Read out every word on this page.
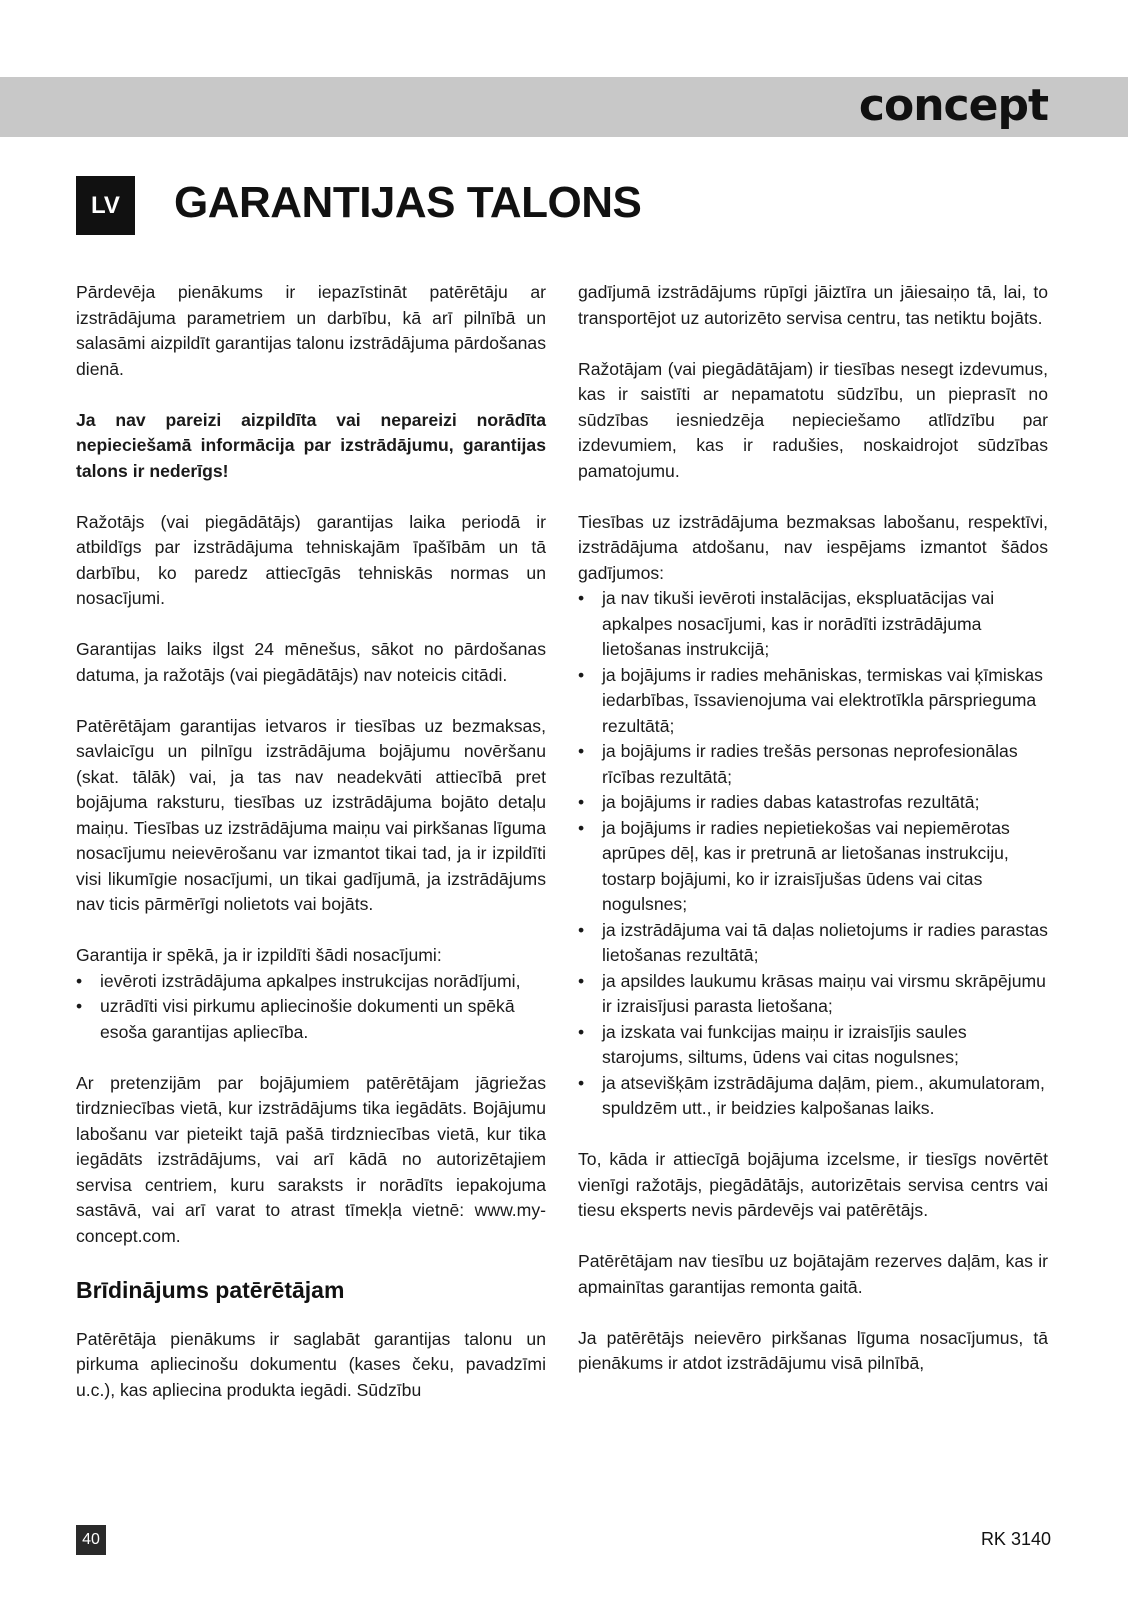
concept
LV	GARANTIJAS TALONS

Pārdevēja pienākums ir iepazīstināt patērētāju ar izstrādājuma parametriem un darbību, kā arī pilnībā un salasāmi aizpildīt garantijas talonu izstrādājuma pārdošanas dienā.

Ja nav pareizi aizpildīta vai nepareizi norādīta nepieciešamā informācija par izstrādājumu, garantijas talons ir nederīgs!

Ražotājs (vai piegādātājs) garantijas laika periodā ir atbildīgs par izstrādājuma tehniskajām īpašībām un tā darbību, ko paredz attiecīgās tehniskās normas un nosacījumi.

Garantijas laiks ilgst 24 mēnešus, sākot no pārdošanas datuma, ja ražotājs (vai piegādātājs) nav noteicis citādi.

Patērētājam garantijas ietvaros ir tiesības uz bezmaksas, savlaicīgu un pilnīgu izstrādājuma bojājumu novēršanu (skat. tālāk) vai, ja tas nav neadekvāti attiecībā pret bojājuma raksturu, tiesības uz izstrādājuma bojāto detaļu maiņu. Tiesības uz izstrādājuma maiņu vai pirkšanas līguma nosacījumu neievērošanu var izmantot tikai tad, ja ir izpildīti visi likumīgie nosacījumi, un tikai gadījumā, ja izstrādājums nav ticis pārmērīgi nolietots vai bojāts.

Garantija ir spēkā, ja ir izpildīti šādi nosacījumi:

• ievēroti izstrādājuma apkalpes instrukcijas norādījumi,
• uzrādīti visi pirkumu apliecinošie dokumenti un spēkā esoša garantijas apliecība.

Ar pretenzijām par bojājumiem patērētājam jāgriežas tirdzniecības vietā, kur izstrādājums tika iegādāts. Bojājumu labošanu var pieteikt tajā pašā tirdzniecības vietā, kur tika iegādāts izstrādājums, vai arī kādā no autorizētajiem servisa centriem, kuru saraksts ir norādīts iepakojuma sastāvā, vai arī varat to atrast tīmekļa vietnē: www.my-concept.com.

Brīdinājums patērētājam

Patērētāja pienākums ir saglabāt garantijas talonu un pirkuma apliecinošu dokumentu (kases čeku, pavadzīmi u.c.), kas apliecina produkta iegādi. Sūdzību

gadījumā izstrādājums rūpīgi jāiztīra un jāiesaiņo tā, lai, to transportējot uz autorizēto servisa centru, tas netiktu bojāts.

Ražotājam (vai piegādātājam) ir tiesības nesegt izdevumus, kas ir saistīti ar nepamatotu sūdzību, un pieprasīt no sūdzības iesniedzēja nepieciešamo atlīdzību par izdevumiem, kas ir radušies, noskaidrojot sūdzības pamatojumu.

Tiesības uz izstrādājuma bezmaksas labošanu, respektīvi, izstrādājuma atdošanu, nav iespējams izmantot šādos gadījumos:

• ja nav tikuši ievēroti instalācijas, ekspluatācijas vai apkalpes nosacījumi, kas ir norādīti izstrādājuma lietošanas instrukcijā;
• ja bojājums ir radies mehāniskas, termiskas vai ķīmiskas iedarbības, īssavienojuma vai elektrotīkla pārsprieguma rezultātā;
• ja bojājums ir radies trešās personas neprofesionālas rīcības rezultātā;
• ja bojājums ir radies dabas katastrofas rezultātā;
• ja bojājums ir radies nepietiekošas vai nepiemērotas aprūpes dēļ, kas ir pretrunā ar lietošanas instrukciju, tostarp bojājumi, ko ir izraisījušas ūdens vai citas nogulsnes;
• ja izstrādājuma vai tā daļas nolietojums ir radies parastas lietošanas rezultātā;
• ja apsildes laukumu krāsas maiņu vai virsmu skrāpējumu ir izraisījusi parasta lietošana;
• ja izskata vai funkcijas maiņu ir izraisījis saules starojums, siltums, ūdens vai citas nogulsnes;
• ja atsevišķām izstrādājuma daļām, piem., akumulatoram, spuldzēm utt., ir beidzies kalpošanas laiks.

To, kāda ir attiecīgā bojājuma izcelsme, ir tiesīgs novērtēt vienīgi ražotājs, piegādātājs, autorizētais servisa centrs vai tiesu eksperts nevis pārdevējs vai patērētājs.

Patērētājam nav tiesību uz bojātajām rezerves daļām, kas ir apmainītas garantijas remonta gaitā.

Ja patērētājs neievēro pirkšanas līguma nosacījumus, tā pienākums ir atdot izstrādājumu visā pilnībā,

40	RK 3140
